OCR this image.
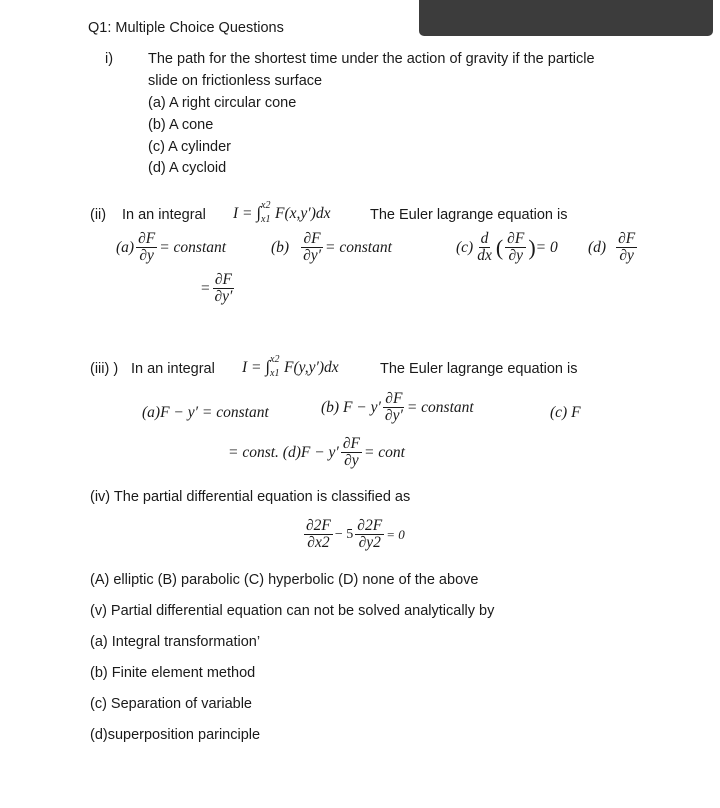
Q1: Multiple Choice Questions
i) The path for the shortest time under the action of gravity if the particle
slide on frictionless surface
(a) A right circular cone
(b) A cone
(c) A cylinder
(d) A cycloid
(ii) In an integral I = ∫ x2
x1 F(x,y′)dx	The Euler lagrange equation is
$(a) \frac{\partial F}{\partial y}$ = constant	$(b) \frac{\partial F}{\partial y'}$ = constant	$(c) \frac{d}{dx}$ ( $\frac{\partial F}{\partial y}$ ) = 0 $(d) \frac{\partial F}{\partial y}$
= $\frac{\partial F}{\partial y'}$
(iii) ) In an integral I = ∫ x2
x1 F(y,y′)dx	The Euler lagrange equation is
(a)F − y′ = constant	(b) $F - y' \frac{\partial F}{\partial y'}$ = constant	(c) F
= const. $(d)F - y' \frac{\partial F}{\partial y}$ = cont
(iv) The partial differential equation is classified as
$\frac{\partial 2F}{\partial x2} - 5 \frac{\partial 2F}{\partial y2} = 0$
(A) elliptic (B) parabolic (C) hyperbolic (D) none of the above
(v) Partial differential equation can not be solved analytically by
(a) Integral transformation’
(b) Finite element method
(c) Separation of variable
(d)superposition parinciple
